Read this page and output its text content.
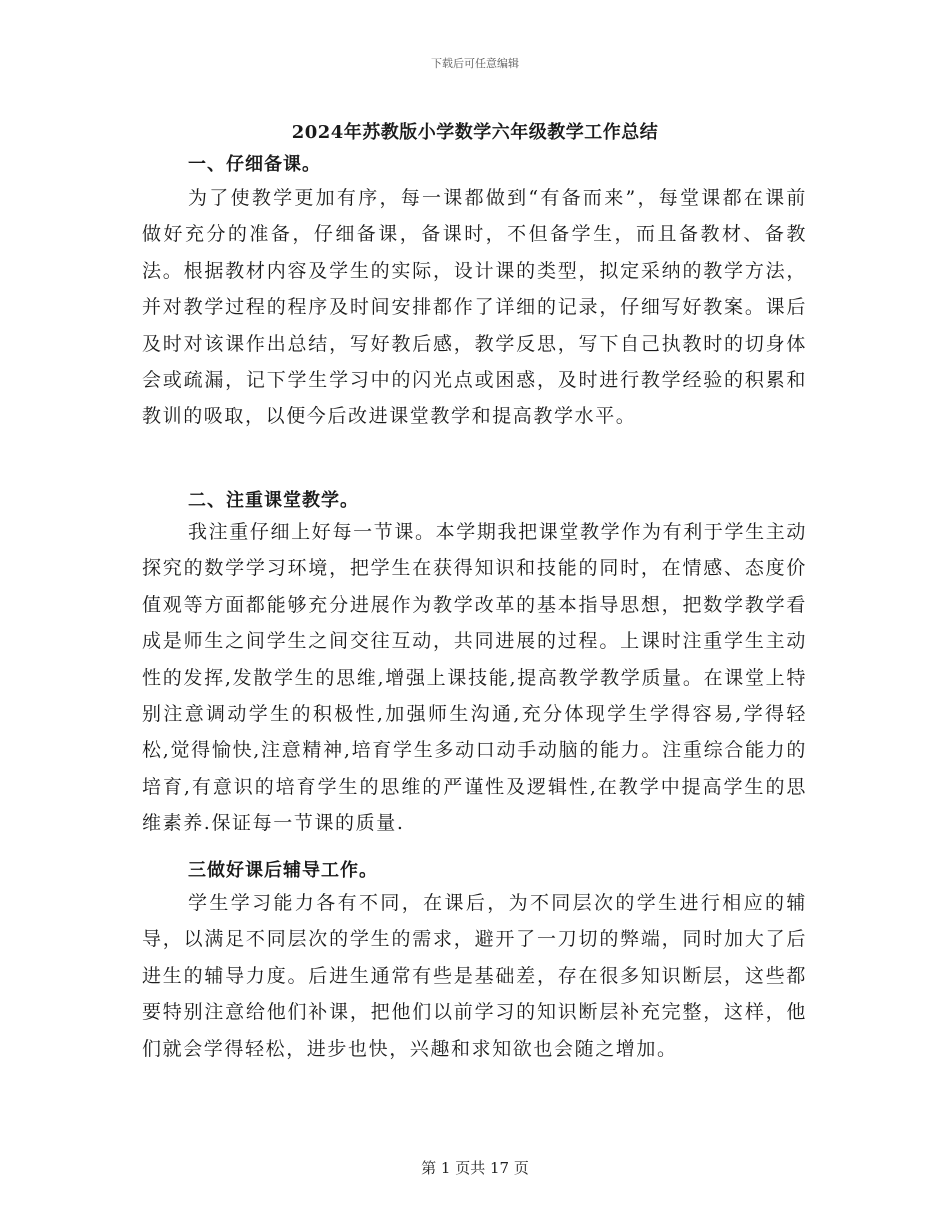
下载后可任意编辑
2024年苏教版小学数学六年级教学工作总结
一、仔细备课。
为了使教学更加有序，每一课都做到“有备而来”，每堂课都在课前做好充分的准备，仔细备课，备课时，不但备学生，而且备教材、备教法。根据教材内容及学生的实际，设计课的类型，拟定采纳的教学方法，并对教学过程的程序及时间安排都作了详细的记录，仔细写好教案。课后及时对该课作出总结，写好教后感，教学反思，写下自己执教时的切身体会或疏漏，记下学生学习中的闪光点或困惑，及时进行教学经验的积累和教训的吸取，以便今后改进课堂教学和提高教学水平。
二、注重课堂教学。
我注重仔细上好每一节课。本学期我把课堂教学作为有利于学生主动探究的数学学习环境，把学生在获得知识和技能的同时，在情感、态度价值观等方面都能够充分进展作为教学改革的基本指导思想，把数学教学看成是师生之间学生之间交往互动，共同进展的过程。上课时注重学生主动性的发挥,发散学生的思维,增强上课技能,提高教学教学质量。在课堂上特别注意调动学生的积极性,加强师生沟通,充分体现学生学得容易,学得轻松,觉得愉快,注意精神,培育学生多动口动手动脑的能力。注重综合能力的培育,有意识的培育学生的思维的严谨性及逻辑性,在教学中提高学生的思维素养.保证每一节课的质量.
三做好课后辅导工作。
学生学习能力各有不同，在课后，为不同层次的学生进行相应的辅导，以满足不同层次的学生的需求，避开了一刀切的弊端，同时加大了后进生的辅导力度。后进生通常有些是基础差，存在很多知识断层，这些都要特别注意给他们补课，把他们以前学习的知识断层补充完整，这样，他们就会学得轻松，进步也快，兴趣和求知欲也会随之增加。
第 1 页共 17 页
